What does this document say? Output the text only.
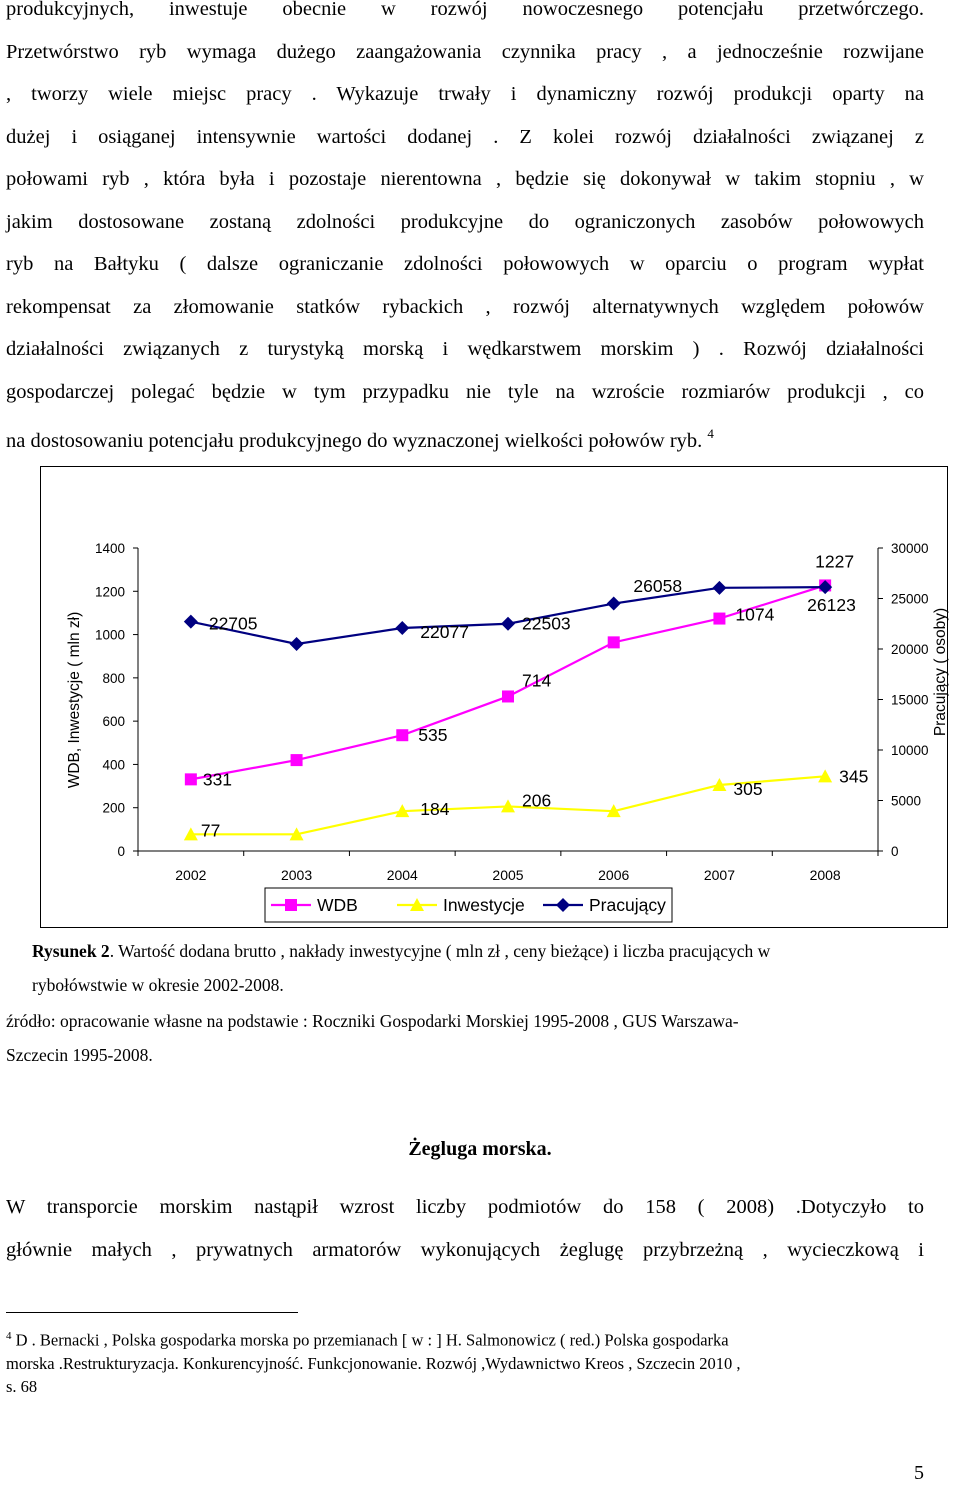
produkcyjnych, inwestuje obecnie w rozwój nowoczesnego potencjału przetwórczego.
Przetwórstwo ryb wymaga dużego zaangażowania czynnika pracy , a jednocześnie rozwijane
, tworzy wiele miejsc pracy . Wykazuje trwały i dynamiczny rozwój produkcji oparty na
dużej i osiąganej intensywnie wartości dodanej . Z kolei rozwój działalności związanej z
połowami ryb , która była i pozostaje nierentowna , będzie się dokonywał w takim stopniu , w
jakim dostosowane zostaną zdolności produkcyjne do ograniczonych zasobów połowowych
ryb na Bałtyku ( dalsze ograniczanie zdolności połowowych w oparciu o program wypłat
rekompensat za złomowanie statków rybackich , rozwój alternatywnych względem połowów
działalności związanych z turystyką morską i wędkarstwem morskim ) . Rozwój działalności
gospodarczej polegać będzie w tym przypadku nie tyle na wzroście rozmiarów produkcji , co
na dostosowaniu potencjału produkcyjnego do wyznaczonej wielkości połowów ryb. $^4$
0
200
400
600
800
1000
1200
1400
2002	2003	2004	2005	2006	2007	2008
0
5000
10000
15000
20000
25000
30000
WDB, Inwestycje ( mln zł)	Pracujący ( osoby)
331
535
714
1074
1227
77
184	206
305
345
22705	22077	22503
26058
26123
WDB	Inwestycje	Pracujący

Rysunek 2. Wartość dodana brutto , nakłady inwestycyjne ( mln zł , ceny bieżące) i liczba pracujących w

rybołówstwie w okresie 2002-2008.

źródło: opracowanie własne na podstawie : Roczniki Gospodarki Morskiej 1995-2008 , GUS Warszawa-

Szczecin 1995-2008.

Żegluga morska.
W transporcie morskim nastąpił wzrost liczby podmiotów do 158 ( 2008) .Dotyczyło to
głównie małych , prywatnych armatorów wykonujących żeglugę przybrzeżną , wycieczkową i
$^4$ D . Bernacki , Polska gospodarka morska po przemianach [ w : ] H. Salmonowicz ( red.) Polska gospodarka
morska .Restrukturyzacja. Konkurencyjność. Funkcjonowanie. Rozwój ,Wydawnictwo Kreos , Szczecin 2010 ,
s. 68
5
